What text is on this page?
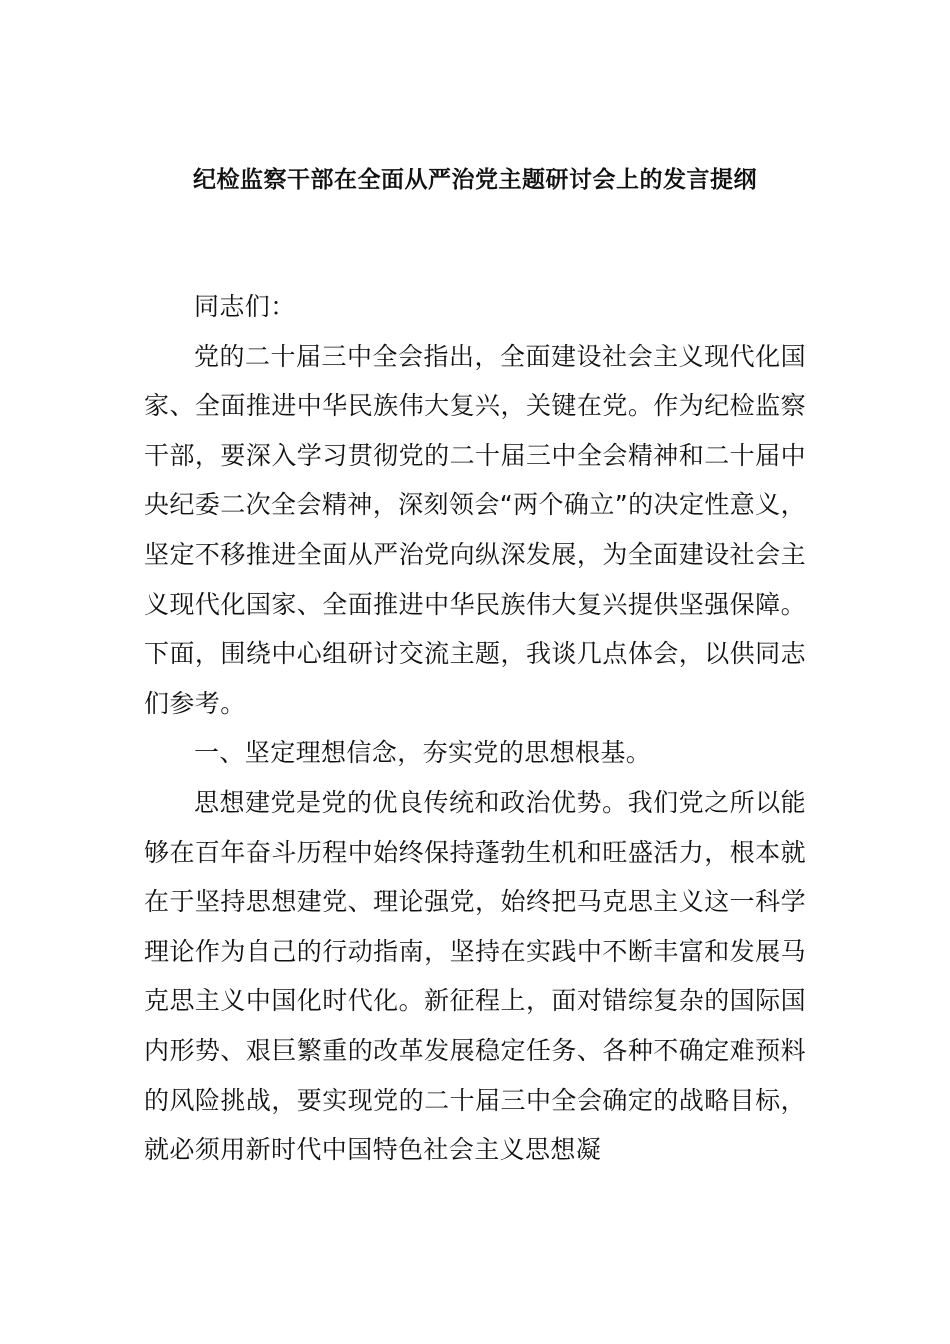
纪检监察干部在全面从严治党主题研讨会上的发言提纲

同志们：

党的二十届三中全会指出，全面建设社会主义现代化国家、全面推进中华民族伟大复兴，关键在党。作为纪检监察干部，要深入学习贯彻党的二十届三中全会精神和二十届中央纪委二次全会精神，深刻领会“两个确立”的决定性意义，坚定不移推进全面从严治党向纵深发展，为全面建设社会主义现代化国家、全面推进中华民族伟大复兴提供坚强保障。下面，围绕中心组研讨交流主题，我谈几点体会，以供同志们参考。

一、坚定理想信念，夯实党的思想根基。

思想建党是党的优良传统和政治优势。我们党之所以能够在百年奋斗历程中始终保持蓬勃生机和旺盛活力，根本就在于坚持思想建党、理论强党，始终把马克思主义这一科学理论作为自己的行动指南，坚持在实践中不断丰富和发展马克思主义中国化时代化。新征程上，面对错综复杂的国际国内形势、艰巨繁重的改革发展稳定任务、各种不确定难预料的风险挑战，要实现党的二十届三中全会确定的战略目标，就必须用新时代中国特色社会主义思想凝
